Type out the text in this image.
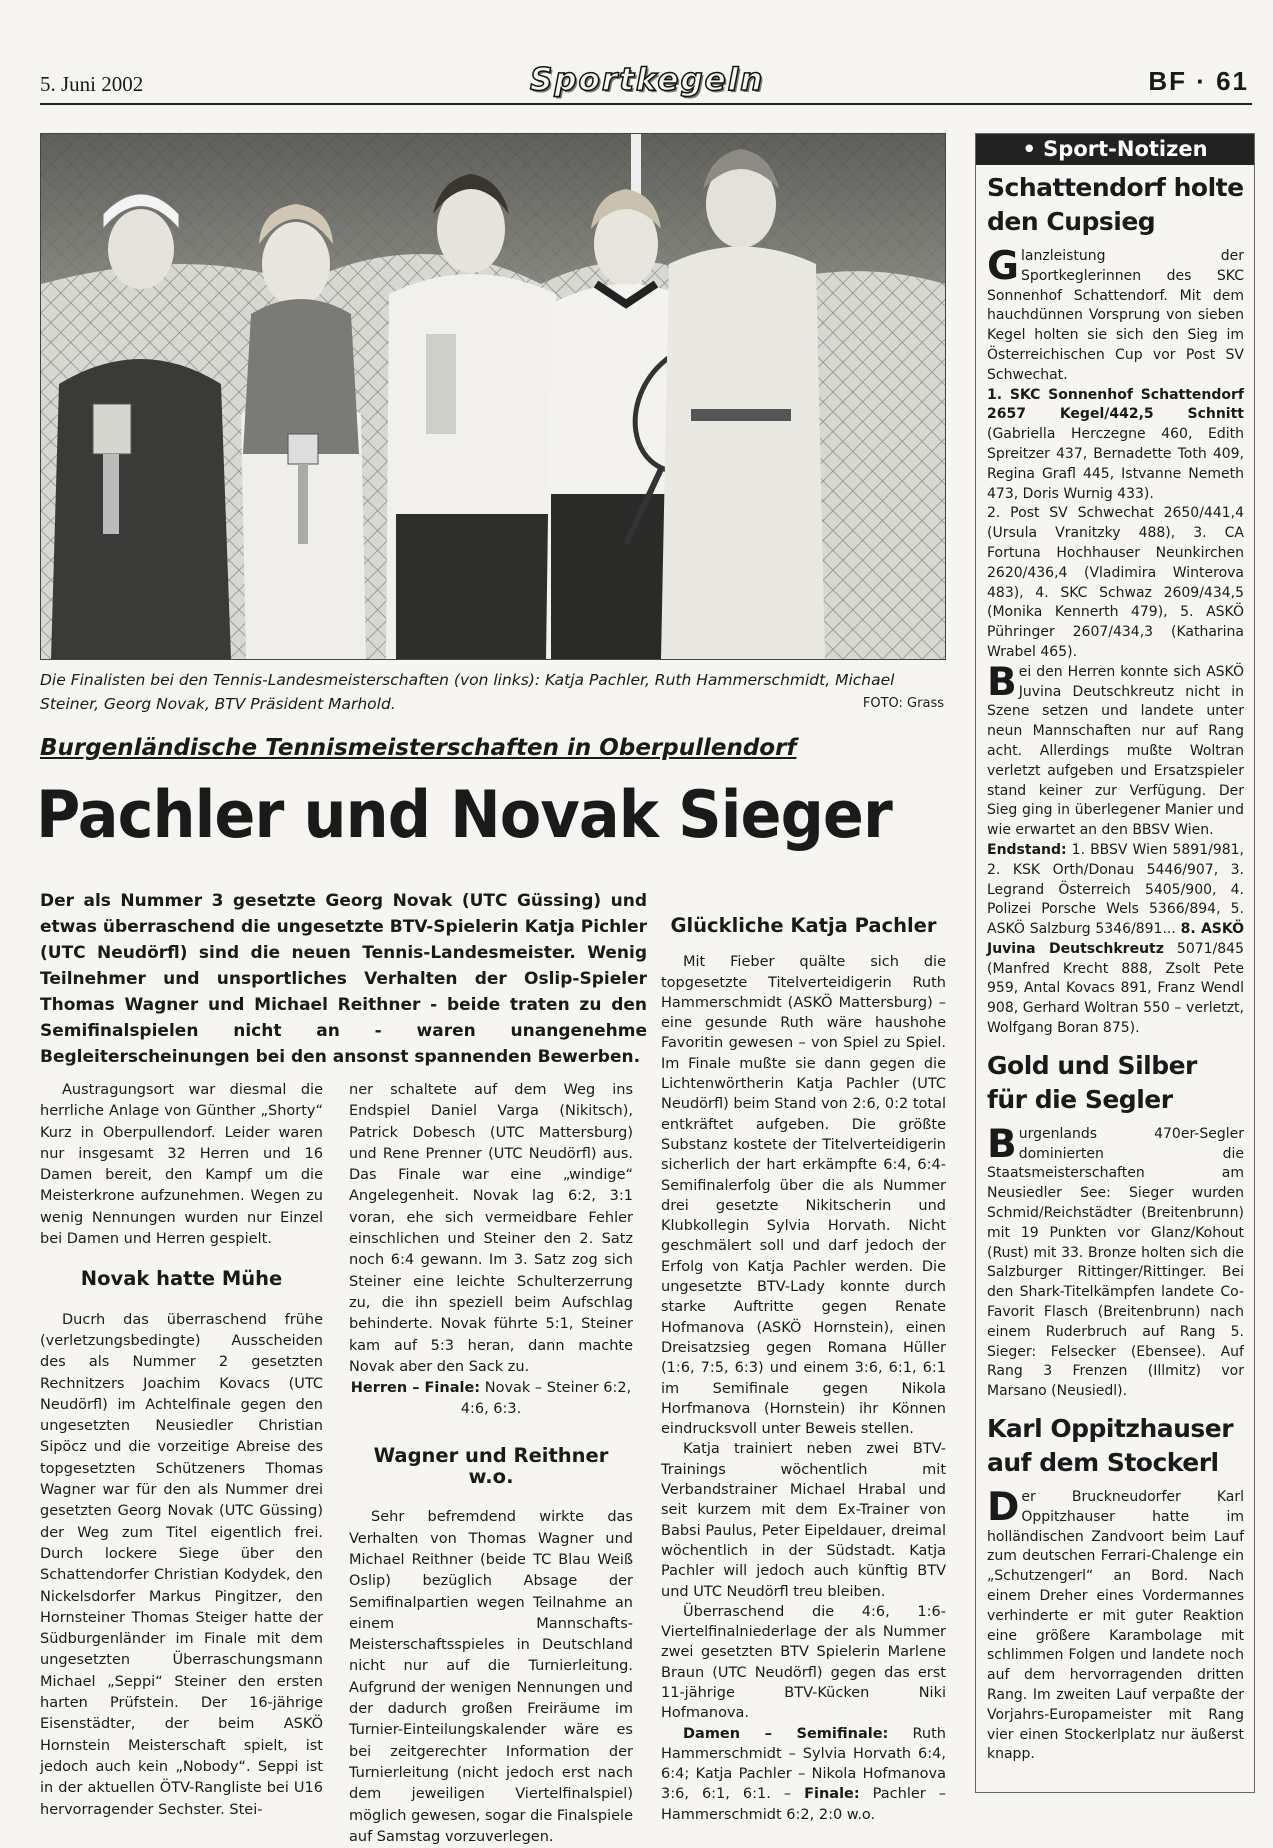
5. Juni 2002	Sportkegeln	BF · 61
Die Finalisten bei den Tennis-Landesmeisterschaften (von links): Katja Pachler, Ruth Hammerschmidt, Michael Steiner, Georg Novak, BTV Präsident Marhold.	FOTO: Grass
Burgenländische Tennismeisterschaften in Oberpullendorf
Pachler und Novak Sieger
Der als Nummer 3 gesetzte Georg Novak (UTC Güssing) und etwas überraschend die ungesetzte BTV-Spielerin Katja Pichler (UTC Neudörfl) sind die neuen Tennis-Landesmeister. Wenig Teilnehmer und unsportliches Verhalten der Oslip-Spieler Thomas Wagner und Michael Reithner - beide traten zu den Semifinalspielen nicht an - waren unangenehme Begleiterscheinungen bei den ansonst spannenden Bewerben.

Austragungsort war diesmal die herrliche Anlage von Günther „Shorty“ Kurz in Oberpullendorf. Leider waren nur insgesamt 32 Herren und 16 Damen bereit, den Kampf um die Meisterkrone aufzunehmen. Wegen zu wenig Nennungen wurden nur Einzel bei Damen und Herren gespielt.

Novak hatte Mühe

Ducrh das überraschend frühe (verletzungsbedingte) Ausscheiden des als Nummer 2 gesetzten Rechnitzers Joachim Kovacs (UTC Neudörfl) im Achtelfinale gegen den ungesetzten Neusiedler Christian Sipöcz und die vorzeitige Abreise des topgesetzten Schützeners Thomas Wagner war für den als Nummer drei gesetzten Georg Novak (UTC Güssing) der Weg zum Titel eigentlich frei. Durch lockere Siege über den Schattendorfer Christian Kodydek, den Nickelsdorfer Markus Pingitzer, den Hornsteiner Thomas Steiger hatte der Südburgenländer im Finale mit dem ungesetzten Überraschungsmann Michael „Seppi“ Steiner den ersten harten Prüfstein. Der 16-jährige Eisenstädter, der beim ASKÖ Hornstein Meisterschaft spielt, ist jedoch auch kein „Nobody“. Seppi ist in der aktuellen ÖTV-Rangliste bei U16 hervorragender Sechster. Stei-

ner schaltete auf dem Weg ins Endspiel Daniel Varga (Nikitsch), Patrick Dobesch (UTC Mattersburg) und Rene Prenner (UTC Neudörfl) aus. Das Finale war eine „windige“ Angelegenheit. Novak lag 6:2, 3:1 voran, ehe sich vermeidbare Fehler einschlichen und Steiner den 2. Satz noch 6:4 gewann. Im 3. Satz zog sich Steiner eine leichte Schulterzerrung zu, die ihn speziell beim Aufschlag behinderte. Novak führte 5:1, Steiner kam auf 5:3 heran, dann machte Novak aber den Sack zu.

Herren – Finale: Novak – Steiner 6:2, 4:6, 6:3.

Wagner und Reithner w.o.

Sehr befremdend wirkte das Verhalten von Thomas Wagner und Michael Reithner (beide TC Blau Weiß Oslip) bezüglich Absage der Semifinalpartien wegen Teilnahme an einem Mannschafts-Meisterschaftsspieles in Deutschland nicht nur auf die Turnierleitung. Aufgrund der wenigen Nennungen und der dadurch großen Freiräume im Turnier-Einteilungskalender wäre es bei zeitgerechter Information der Turnierleitung (nicht jedoch erst nach dem jeweiligen Viertelfinalspiel) möglich gewesen, sogar die Finalspiele auf Samstag vorzuverlegen.

Glückliche Katja Pachler

Mit Fieber quälte sich die topgesetzte Titelverteidigerin Ruth Hammerschmidt (ASKÖ Mattersburg) – eine gesunde Ruth wäre haushohe Favoritin gewesen – von Spiel zu Spiel. Im Finale mußte sie dann gegen die Lichtenwörtherin Katja Pachler (UTC Neudörfl) beim Stand von 2:6, 0:2 total entkräftet aufgeben. Die größte Substanz kostete der Titelverteidigerin sicherlich der hart erkämpfte 6:4, 6:4-Semifinalerfolg über die als Nummer drei gesetzte Nikitscherin und Klubkollegin Sylvia Horvath. Nicht geschmälert soll und darf jedoch der Erfolg von Katja Pachler werden. Die ungesetzte BTV-Lady konnte durch starke Auftritte gegen Renate Hofmanova (ASKÖ Hornstein), einen Dreisatzsieg gegen Romana Hüller (1:6, 7:5, 6:3) und einem 3:6, 6:1, 6:1 im Semifinale gegen Nikola Horfmanova (Hornstein) ihr Können eindrucksvoll unter Beweis stellen.

Katja trainiert neben zwei BTV-Trainings wöchentlich mit Verbandstrainer Michael Hrabal und seit kurzem mit dem Ex-Trainer von Babsi Paulus, Peter Eipeldauer, dreimal wöchentlich in der Südstadt. Katja Pachler will jedoch auch künftig BTV und UTC Neudörfl treu bleiben.

Überraschend die 4:6, 1:6-Viertelfinalniederlage der als Nummer zwei gesetzten BTV Spielerin Marlene Braun (UTC Neudörfl) gegen das erst 11-jährige BTV-Kücken Niki Hofmanova.

Damen – Semifinale: Ruth Hammerschmidt – Sylvia Horvath 6:4, 6:4; Katja Pachler – Nikola Hofmanova 3:6, 6:1, 6:1. – Finale: Pachler – Hammerschmidt 6:2, 2:0 w.o.

• Sport-Notizen
Schattendorf holte den Cupsieg
Glanzleistung der Sportkeglerinnen des SKC Sonnenhof Schattendorf. Mit dem hauchdünnen Vorsprung von sieben Kegel holten sie sich den Sieg im Österreichischen Cup vor Post SV Schwechat.
1. SKC Sonnenhof Schattendorf 2657 Kegel/442,5 Schnitt (Gabriella Herczegne 460, Edith Spreitzer 437, Bernadette Toth 409, Regina Grafl 445, Istvanne Nemeth 473, Doris Wurnig 433).
2. Post SV Schwechat 2650/441,4 (Ursula Vranitzky 488), 3. CA Fortuna Hochhauser Neunkirchen 2620/436,4 (Vladimira Winterova 483), 4. SKC Schwaz 2609/434,5 (Monika Kennerth 479), 5. ASKÖ Pühringer 2607/434,3 (Katharina Wrabel 465).

B ei den Herren konnte sich ASKÖ Juvina Deutschkreutz nicht in Szene setzen und landete unter neun Mannschaften nur auf Rang acht. Allerdings mußte Woltran verletzt aufgeben und Ersatzspieler stand keiner zur Verfügung. Der Sieg ging in überlegener Manier und wie erwartet an den BBSV Wien.
Endstand: 1. BBSV Wien 5891/981, 2. KSK Orth/Donau 5446/907, 3. Legrand Österreich 5405/900, 4. Polizei Porsche Wels 5366/894, 5. ASKÖ Salzburg 5346/891... 8. ASKÖ Juvina Deutschkreutz 5071/845 (Manfred Krecht 888, Zsolt Pete 959, Antal Kovacs 891, Franz Wendl 908, Gerhard Woltran 550 – verletzt, Wolfgang Boran 875).
Gold und Silber für die Segler
Burgenlands 470er-Segler dominierten die Staatsmeisterschaften am Neusiedler See: Sieger wurden Schmid/Reichstädter (Breitenbrunn) mit 19 Punkten vor Glanz/Kohout (Rust) mit 33. Bronze holten sich die Salzburger Rittinger/Rittinger. Bei den Shark-Titelkämpfen landete Co-Favorit Flasch (Breitenbrunn) nach einem Ruderbruch auf Rang 5. Sieger: Felsecker (Ebensee). Auf Rang 3 Frenzen (Illmitz) vor Marsano (Neusiedl).
Karl Oppitzhauser auf dem Stockerl
Der Bruckneudorfer Karl Oppitzhauser hatte im holländischen Zandvoort beim Lauf zum deutschen Ferrari-Chalenge ein „Schutzengerl“ an Bord. Nach einem Dreher eines Vordermannes verhinderte er mit guter Reaktion eine größere Karambolage mit schlimmen Folgen und landete noch auf dem hervorragenden dritten Rang. Im zweiten Lauf verpaßte der Vorjahrs-Europameister mit Rang vier einen Stockerlplatz nur äußerst knapp.
